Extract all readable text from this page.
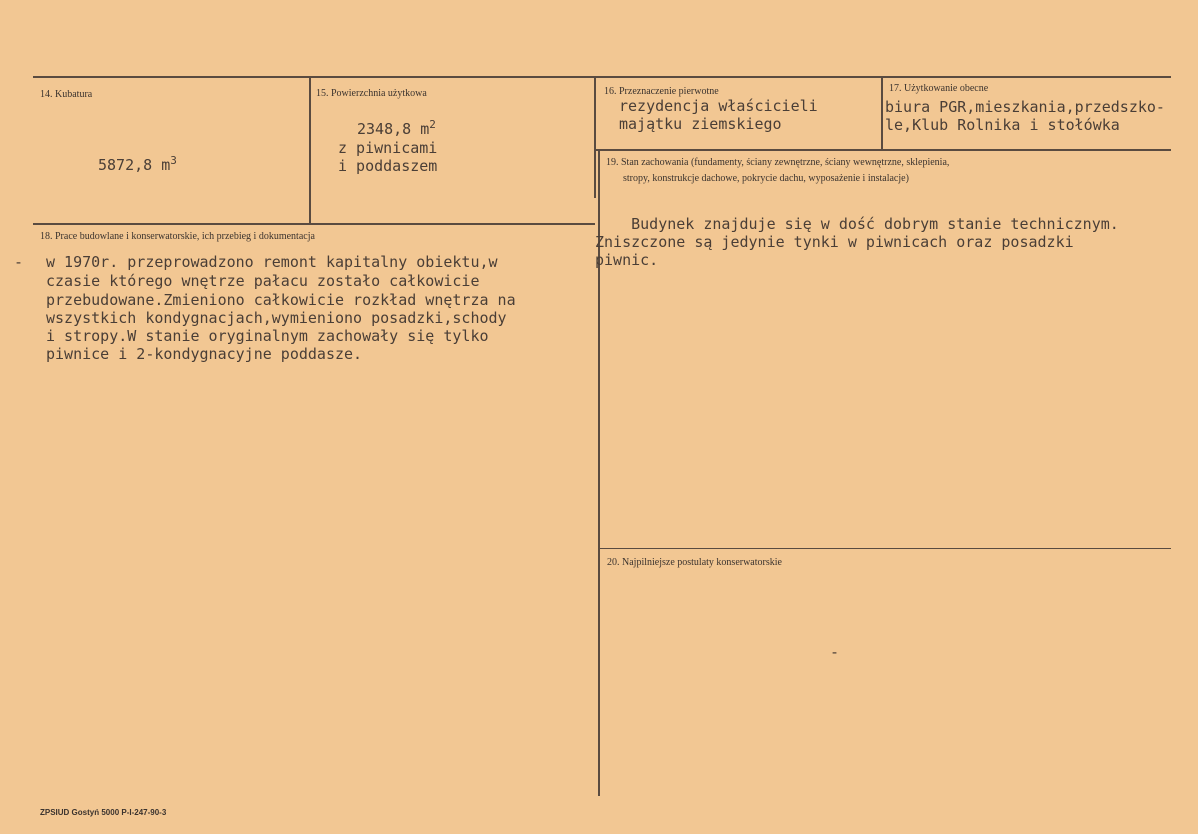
14. Kubatura
5872,8 $m^3$
15. Powierzchnia użytkowa
2348,8 $m^2$
z piwnicami
i poddaszem
16. Przeznaczenie pierwotne
rezydencja właścicieli
majątku ziemskiego
17. Użytkowanie obecne
biura PGR,mieszkania,przedszko-
le,Klub Rolnika i stołówka
18. Prace budowlane i konserwatorskie, ich przebieg i dokumentacja
- w 1970r. przeprowadzono remont kapitalny obiektu,w
czasie którego wnętrze pałacu zostało całkowicie
przebudowane.Zmieniono całkowicie rozkład wnętrza na
wszystkich kondygnacjach,wymieniono posadzki,schody
i stropy.W stanie oryginalnym zachowały się tylko
piwnice i 2-kondygnacyjne poddasze.
19. Stan zachowania (fundamenty, ściany zewnętrzne, ściany wewnętrzne, sklepienia,
stropy, konstrukcje dachowe, pokrycie dachu, wyposażenie i instalacje)
Budynek znajduje się w dość dobrym stanie technicznym.
Zniszczone są jedynie tynki w piwnicach oraz posadzki
piwnic.
20. Najpilniejsze postulaty konserwatorskie
-
ZPSIUD Gostyń 5000 P-I-247-90-3
